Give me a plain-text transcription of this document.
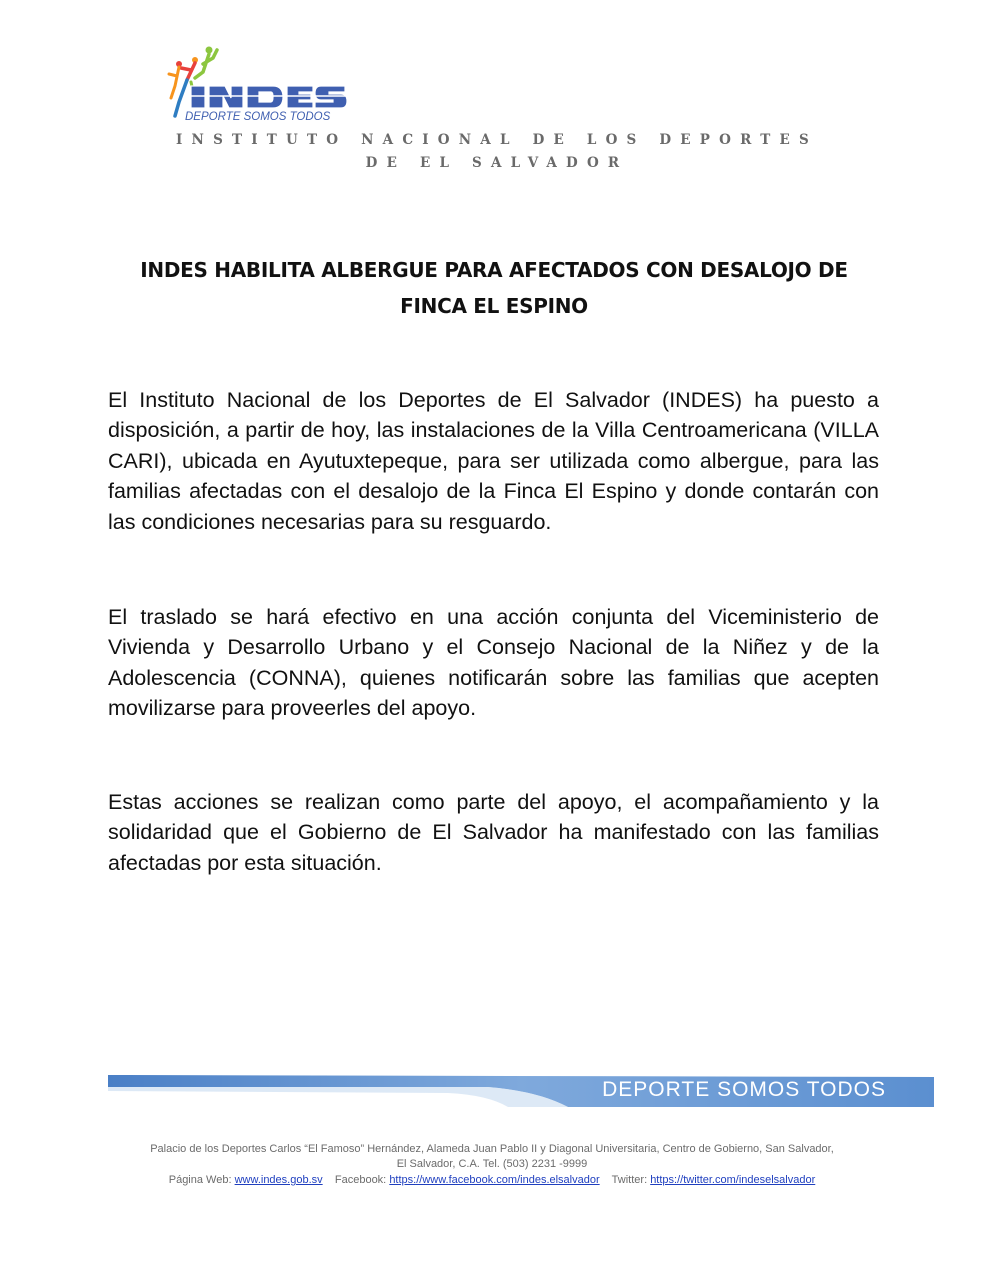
DEPORTE SOMOS TODOS
INSTITUTO NACIONAL DE LOS DEPORTES
DE EL SALVADOR
INDES HABILITA ALBERGUE PARA AFECTADOS CON DESALOJO DE
FINCA EL ESPINO

El Instituto Nacional de los Deportes de El Salvador (INDES) ha puesto a disposición, a partir de hoy, las instalaciones de la Villa Centroamericana (VILLA CARI), ubicada en Ayutuxtepeque, para ser utilizada como albergue, para las familias afectadas con el desalojo de la Finca El Espino y donde contarán con las condiciones necesarias para su resguardo.

El traslado se hará efectivo en una acción conjunta del Viceministerio de Vivienda y Desarrollo Urbano y el Consejo Nacional de la Niñez y de la Adolescencia (CONNA), quienes notificarán sobre las familias que acepten movilizarse para proveerles del apoyo.

Estas acciones se realizan como parte del apoyo, el acompañamiento y la solidaridad que el Gobierno de El Salvador ha manifestado con las familias afectadas por esta situación.

DEPORTE SOMOS TODOS
Palacio de los Deportes Carlos “El Famoso” Hernández, Alameda Juan Pablo II y Diagonal Universitaria, Centro de Gobierno, San Salvador,
El Salvador, C.A. Tel. (503) 2231 -9999
Página Web: www.indes.gob.sv Facebook: https://www.facebook.com/indes.elsalvador Twitter: https://twitter.com/indeselsalvador
